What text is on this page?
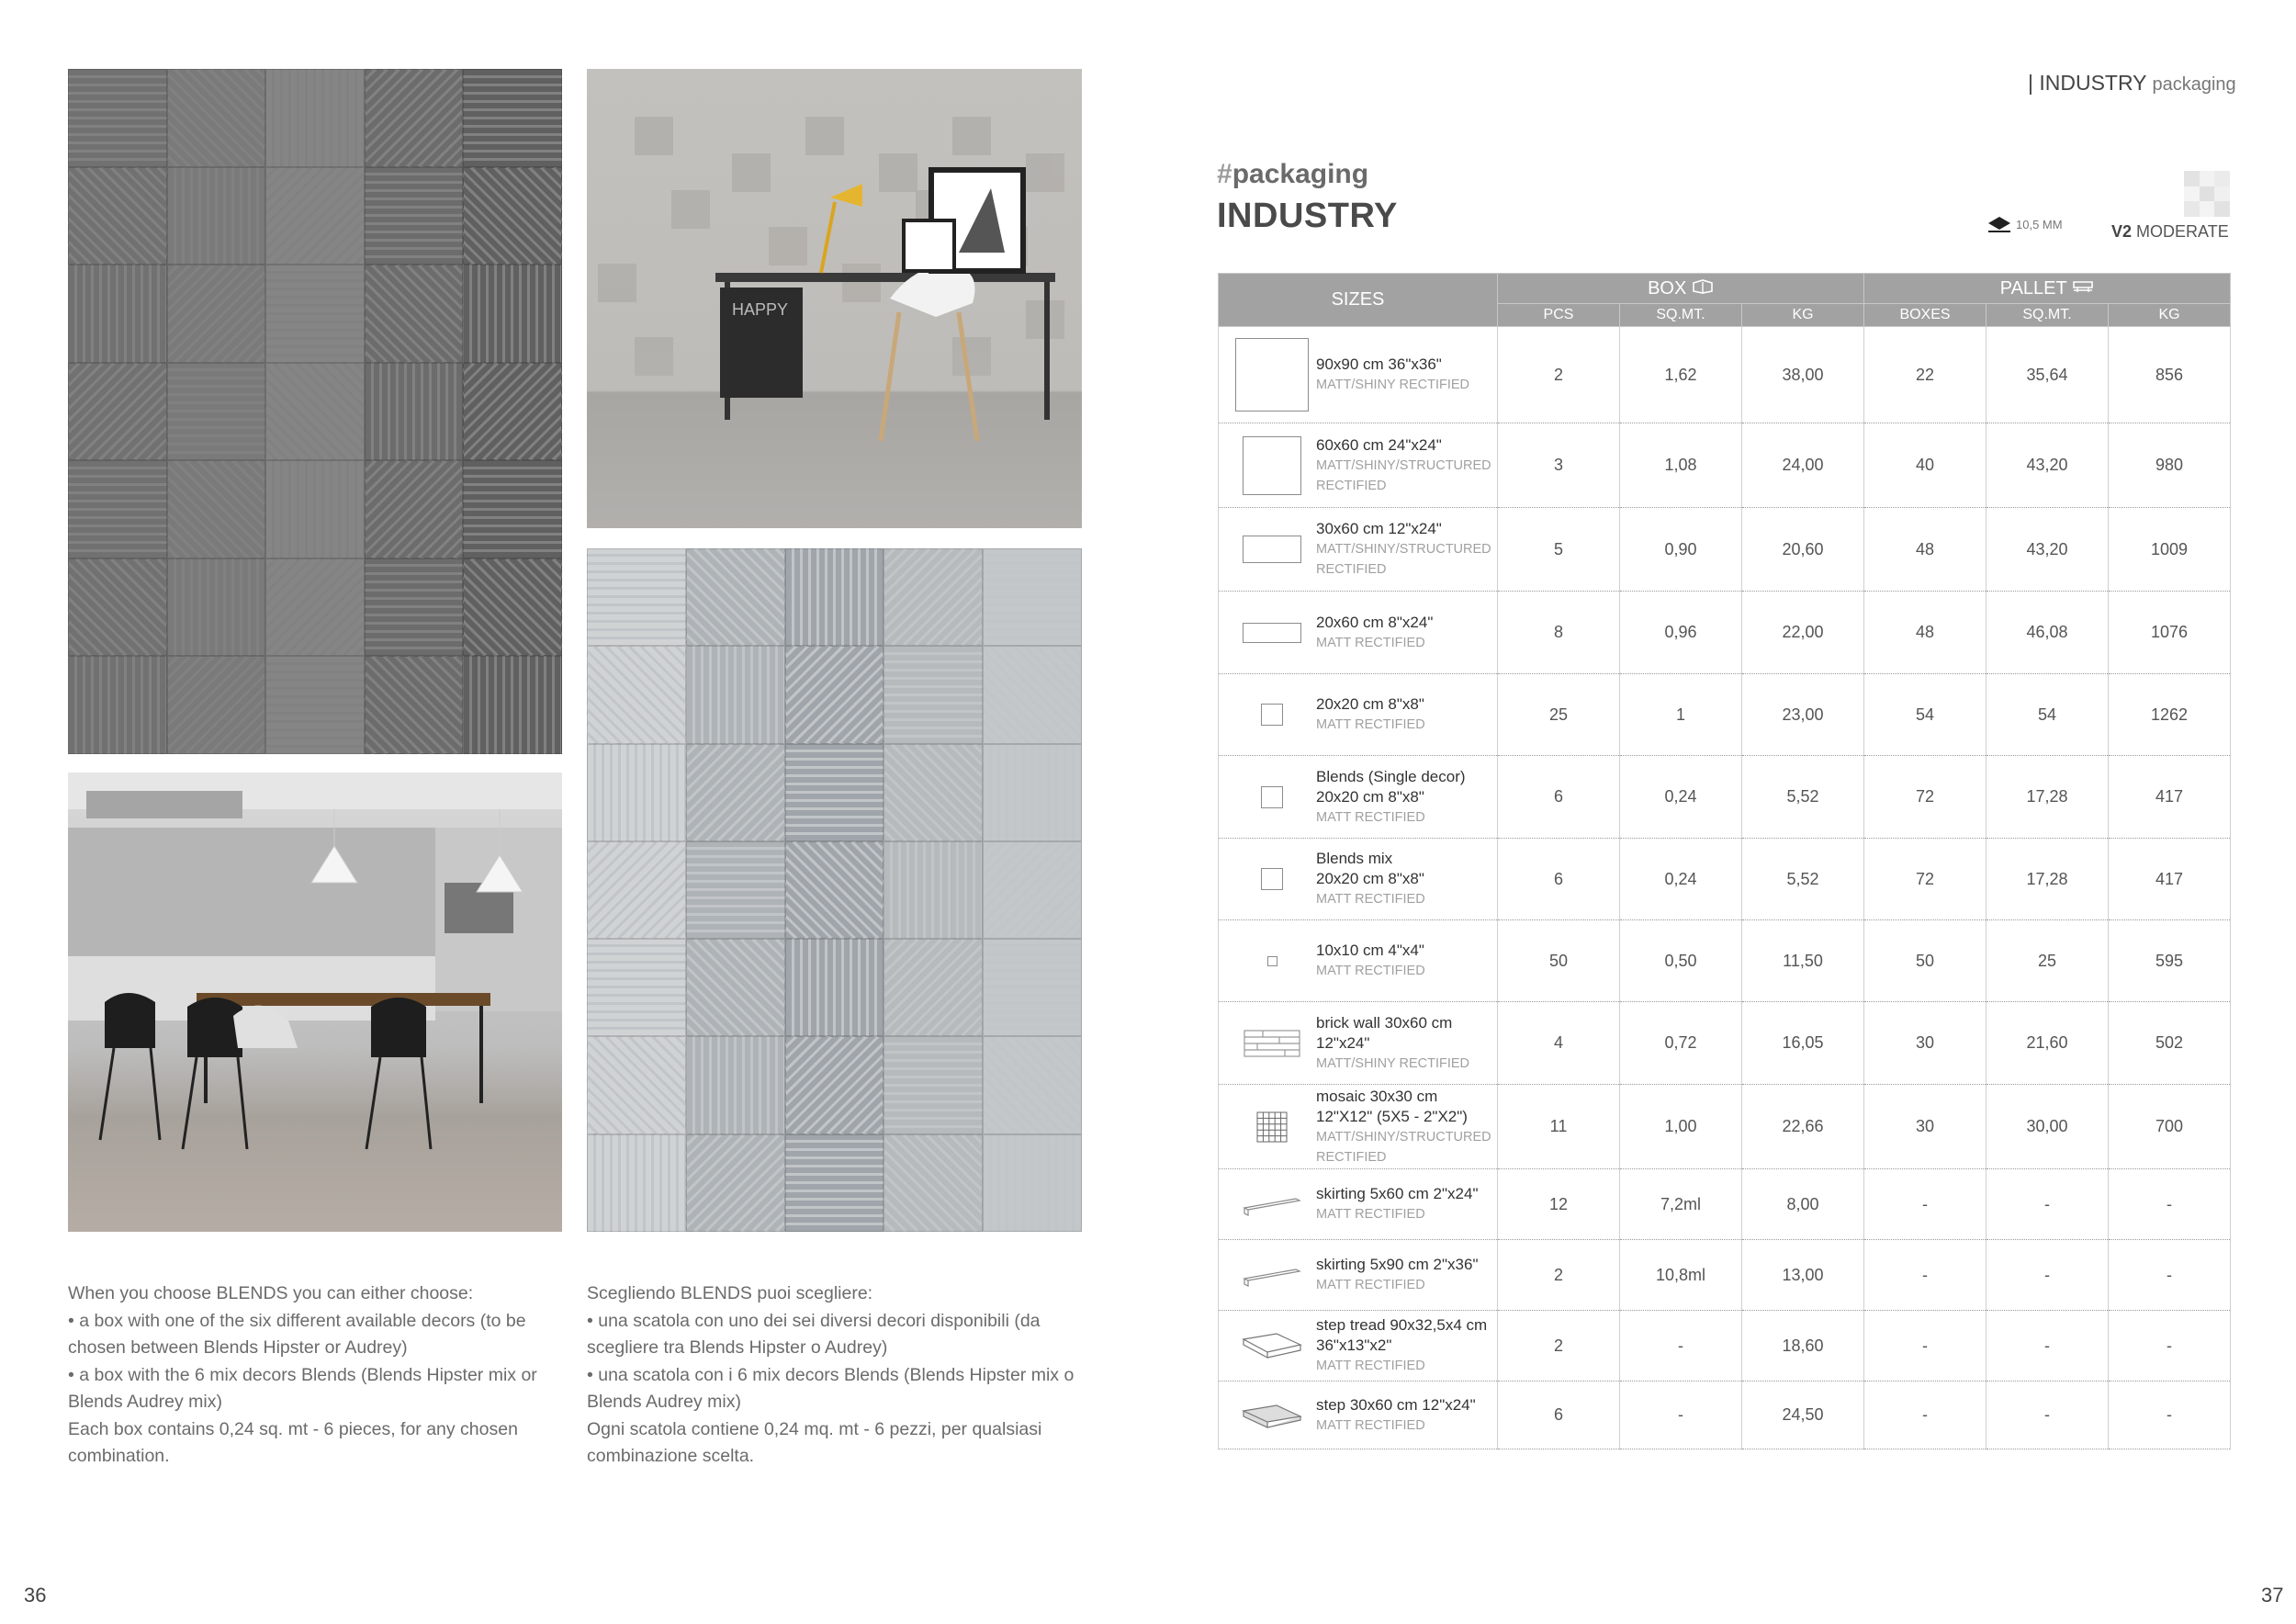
HAPPY
When you choose BLENDS you can either choose:
• a box with one of the six different available decors (to be
chosen between Blends Hipster or Audrey)
• a box with the 6 mix decors Blends (Blends Hipster mix or
Blends Audrey mix)
Each box contains 0,24 sq. mt - 6 pieces, for any chosen
combination.
Scegliendo BLENDS puoi scegliere:
• una scatola con uno dei sei diversi decori disponibili (da
scegliere tra Blends Hipster o Audrey)
• una scatola con i 6 mix decors Blends (Blends Hipster mix o
Blends Audrey mix)
Ogni scatola contiene 0,24 mq. mt - 6 pezzi, per qualsiasi
combinazione scelta.
36
| INDUSTRY packaging
#packaging
INDUSTRY	10,5 MM	V2 MODERATE
SIZES	BOX			PALLET		
	PCS	SQ.MT.	KG	BOXES	SQ.MT.	KG

90x90 cm 36"x36"
MATT/SHINY RECTIFIED	2	1,62	38,00	22	35,64	856

60x60 cm 24"x24"
MATT/SHINY/STRUCTURED
RECTIFIED	3	1,08	24,00	40	43,20	980

30x60 cm 12"x24"
MATT/SHINY/STRUCTURED
RECTIFIED	5	0,90	20,60	48	43,20	1009

20x60 cm 8"x24"
MATT RECTIFIED	8	0,96	22,00	48	46,08	1076

20x20 cm 8"x8"
MATT RECTIFIED	25	1	23,00	54	54	1262

Blends (Single decor)
20x20 cm 8"x8"
MATT RECTIFIED	6	0,24	5,52	72	17,28	417

Blends mix
20x20 cm 8"x8"
MATT RECTIFIED	6	0,24	5,52	72	17,28	417

10x10 cm 4"x4"
MATT RECTIFIED	50	0,50	11,50	50	25	595

brick wall 30x60 cm
12"x24"
MATT/SHINY RECTIFIED	4	0,72	16,05	30	21,60	502

mosaic 30x30 cm
12"X12" (5X5 - 2"X2")
MATT/SHINY/STRUCTURED
RECTIFIED	11	1,00	22,66	30	30,00	700

skirting 5x60 cm 2"x24"
MATT RECTIFIED	12	7,2ml	8,00	-	-	-

skirting 5x90 cm 2"x36"
MATT RECTIFIED	2	10,8ml	13,00	-	-	-

step tread 90x32,5x4 cm
36"x13"x2"
MATT RECTIFIED	2	-	18,60	-	-	-

step 30x60 cm 12"x24"
MATT RECTIFIED	6	-	24,50	-	-	-
37
